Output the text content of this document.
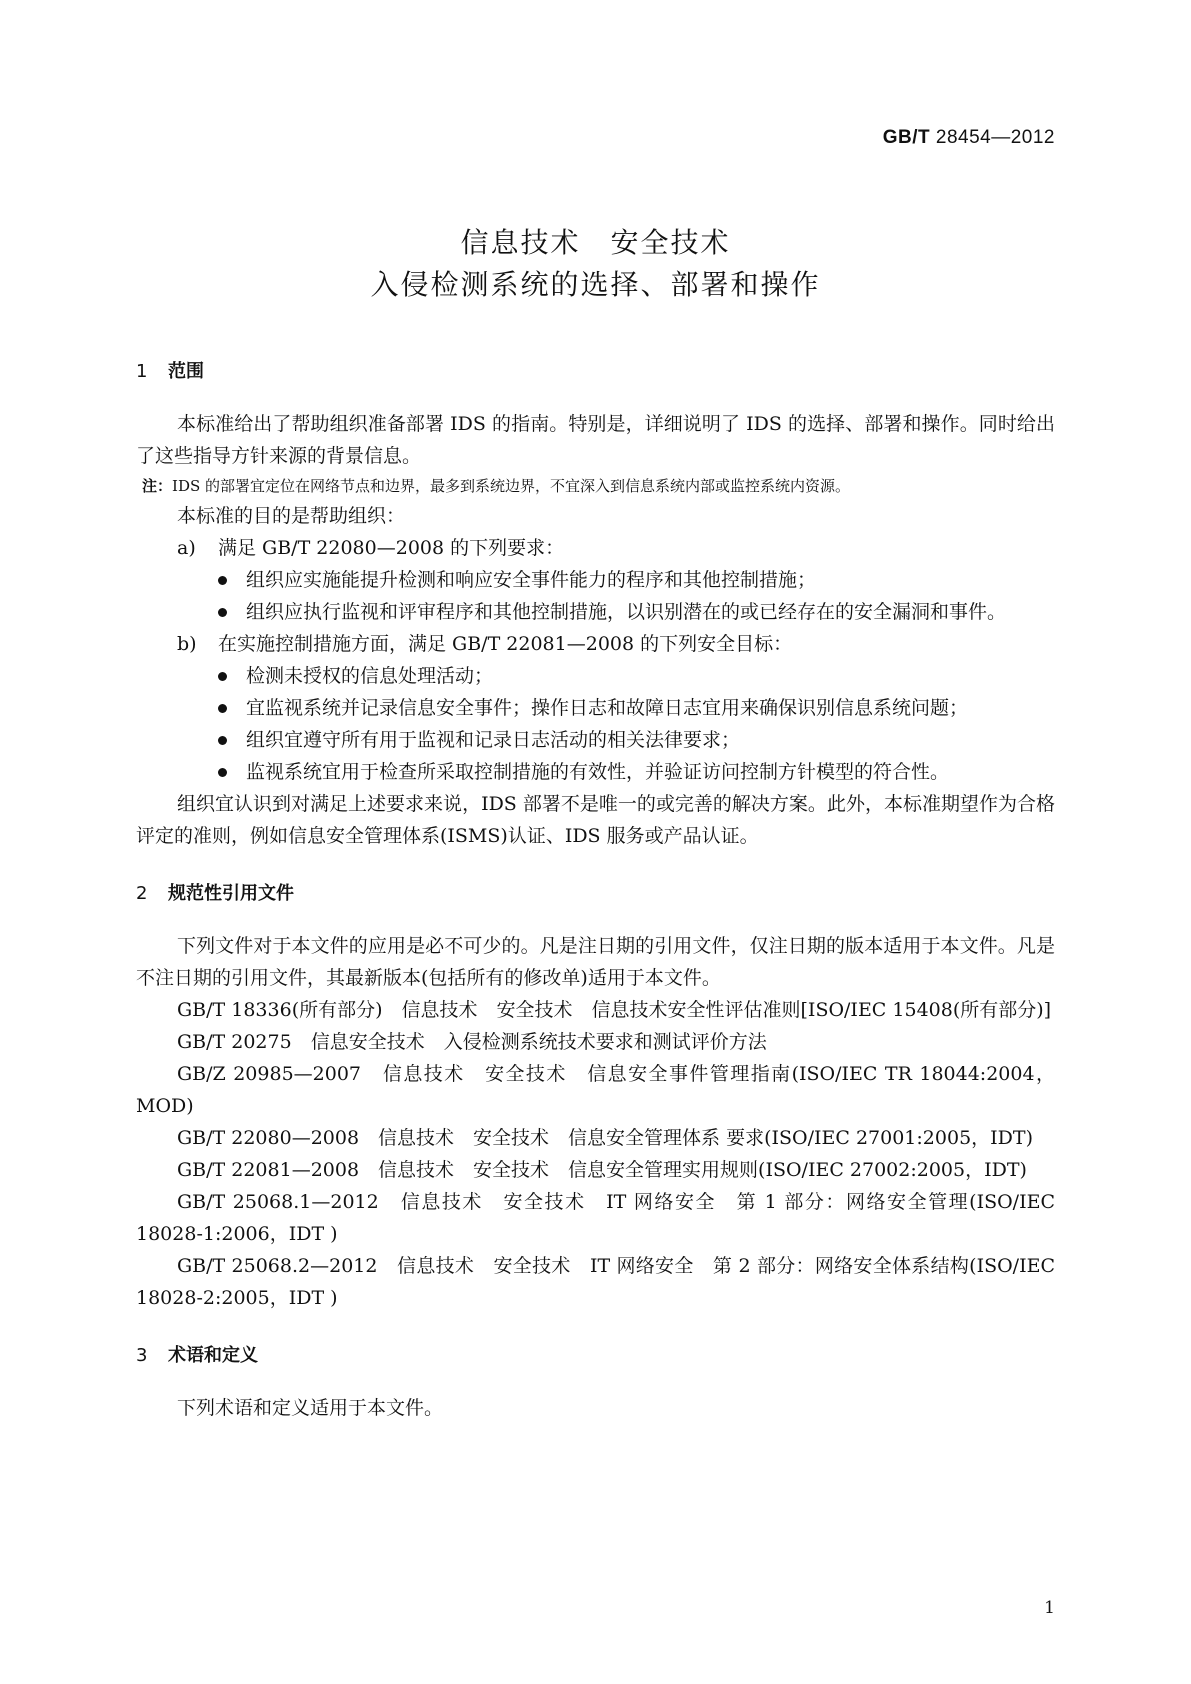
GB/T 28454—2012
信息技术　安全技术
入侵检测系统的选择、部署和操作
1 范围

本标准给出了帮助组织准备部署 IDS 的指南。特别是，详细说明了 IDS 的选择、部署和操作。同时给出了这些指导方针来源的背景信息。

注：IDS 的部署宜定位在网络节点和边界，最多到系统边界，不宜深入到信息系统内部或监控系统内资源。

本标准的目的是帮助组织：

a) 满足 GB/T 22080—2008 的下列要求：
组织应实施能提升检测和响应安全事件能力的程序和其他控制措施；
组织应执行监视和评审程序和其他控制措施，以识别潜在的或已经存在的安全漏洞和事件。
b) 在实施控制措施方面，满足 GB/T 22081—2008 的下列安全目标：
检测未授权的信息处理活动；
宜监视系统并记录信息安全事件；操作日志和故障日志宜用来确保识别信息系统问题；
组织宜遵守所有用于监视和记录日志活动的相关法律要求；
监视系统宜用于检查所采取控制措施的有效性，并验证访问控制方针模型的符合性。

组织宜认识到对满足上述要求来说，IDS 部署不是唯一的或完善的解决方案。此外，本标准期望作为合格评定的准则，例如信息安全管理体系(ISMS)认证、IDS 服务或产品认证。

2 规范性引用文件

下列文件对于本文件的应用是必不可少的。凡是注日期的引用文件，仅注日期的版本适用于本文件。凡是不注日期的引用文件，其最新版本(包括所有的修改单)适用于本文件。

GB/T 18336(所有部分)　信息技术　安全技术　信息技术安全性评估准则[ISO/IEC 15408(所有部分)]

GB/T 20275　信息安全技术　入侵检测系统技术要求和测试评价方法

GB/Z 20985—2007　信息技术　安全技术　信息安全事件管理指南(ISO/IEC TR 18044:2004，MOD)

GB/T 22080—2008　信息技术　安全技术　信息安全管理体系 要求(ISO/IEC 27001:2005，IDT)

GB/T 22081—2008　信息技术　安全技术　信息安全管理实用规则(ISO/IEC 27002:2005，IDT)

GB/T 25068.1—2012　信息技术　安全技术　IT 网络安全　第 1 部分：网络安全管理(ISO/IEC 18028-1:2006，IDT )

GB/T 25068.2—2012　信息技术　安全技术　IT 网络安全　第 2 部分：网络安全体系结构(ISO/IEC 18028-2:2005，IDT )

3 术语和定义

下列术语和定义适用于本文件。

1
